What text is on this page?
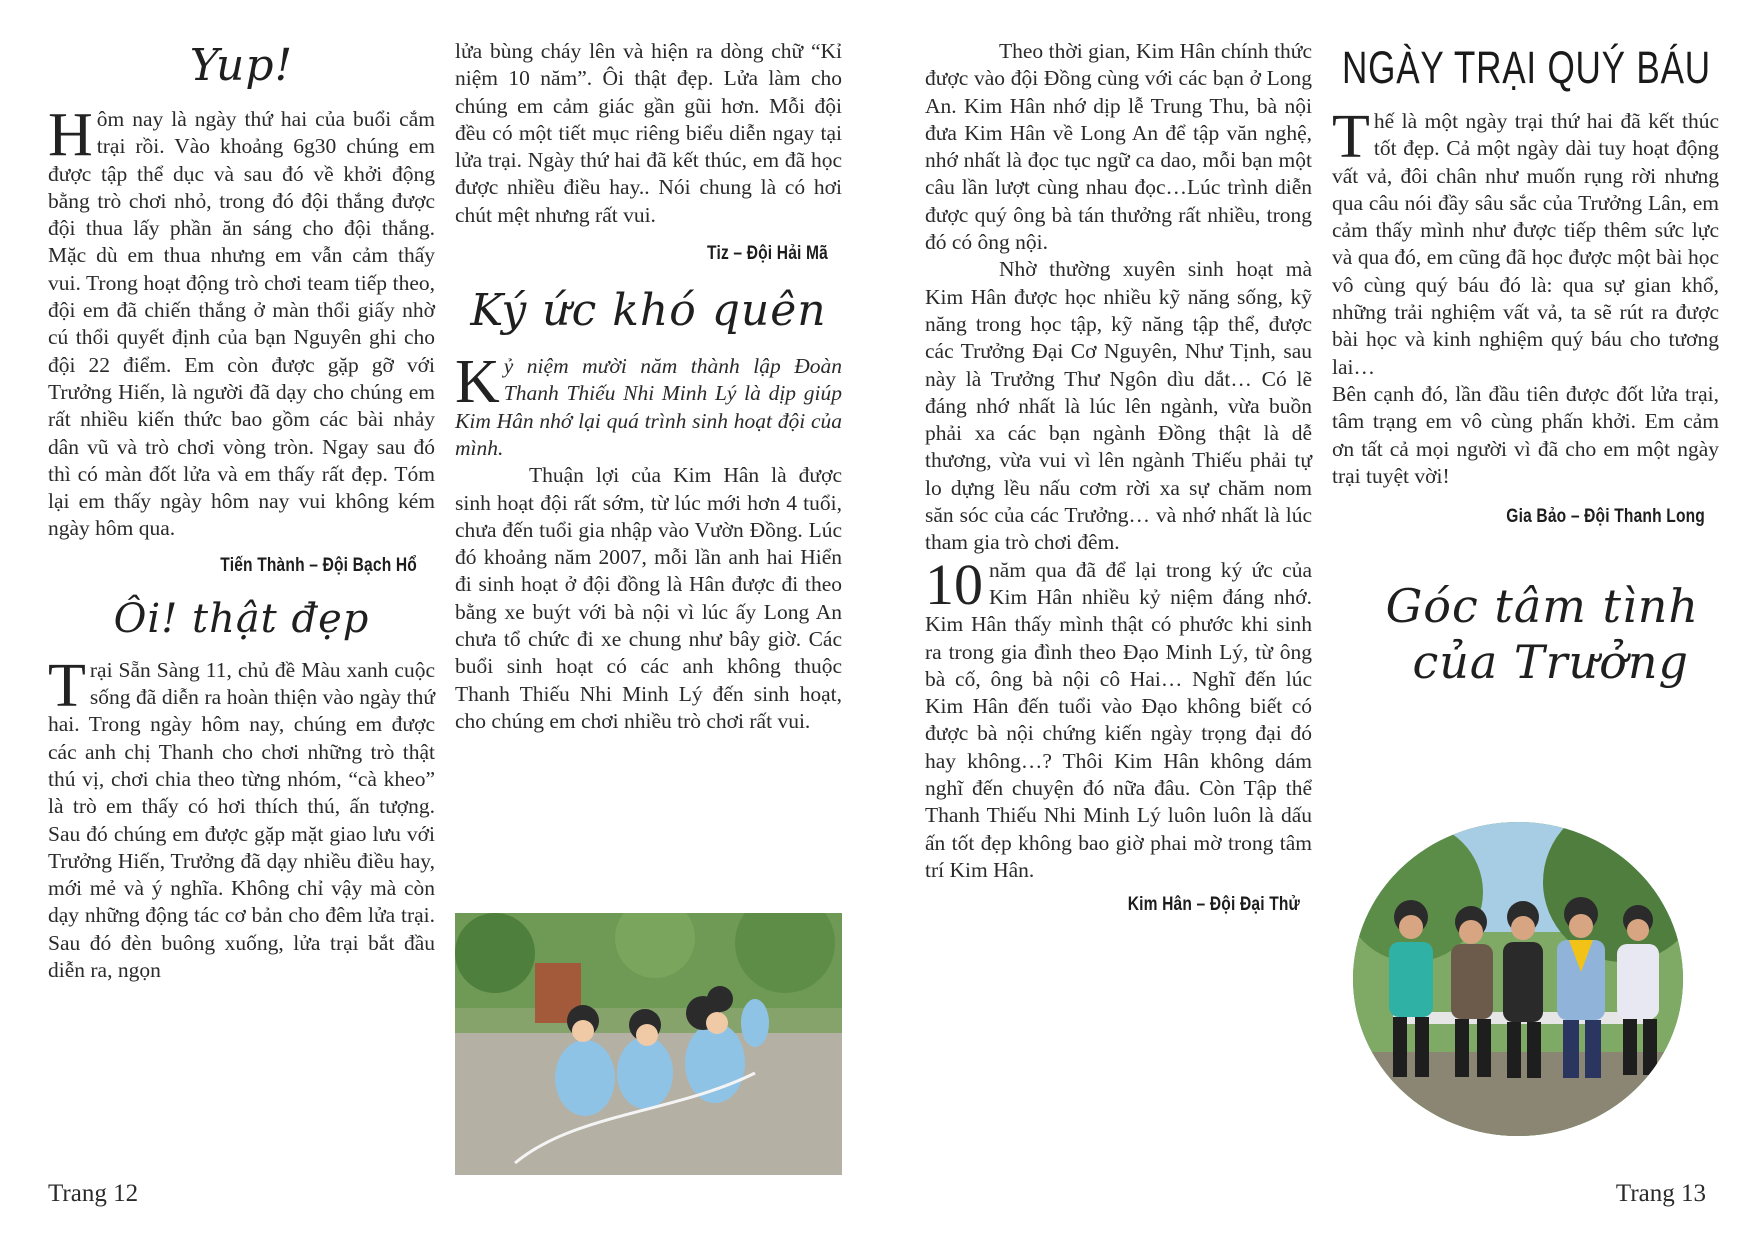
Yup!

Hôm nay là ngày thứ hai của buổi cắm trại rồi. Vào khoảng 6g30 chúng em được tập thể dục và sau đó về khởi động bằng trò chơi nhỏ, trong đó đội thắng được đội thua lấy phần ăn sáng cho đội thắng. Mặc dù em thua nhưng em vẫn cảm thấy vui. Trong hoạt động trò chơi team tiếp theo, đội em đã chiến thắng ở màn thổi giấy nhờ cú thổi quyết định của bạn Nguyên ghi cho đội 22 điểm. Em còn được gặp gỡ với Trưởng Hiến, là người đã dạy cho chúng em rất nhiều kiến thức bao gồm các bài nhảy dân vũ và trò chơi vòng tròn. Ngay sau đó thì có màn đốt lửa và em thấy rất đẹp. Tóm lại em thấy ngày hôm nay vui không kém ngày hôm qua.

Tiến Thành – Đội Bạch Hổ

Ôi! thật đẹp

Trại Sẵn Sàng 11, chủ đề Màu xanh cuộc sống đã diễn ra hoàn thiện vào ngày thứ hai. Trong ngày hôm nay, chúng em được các anh chị Thanh cho chơi những trò thật thú vị, chơi chia theo từng nhóm, “cà kheo” là trò em thấy có hơi thích thú, ấn tượng. Sau đó chúng em được gặp mặt giao lưu với Trưởng Hiến, Trưởng đã dạy nhiều điều hay, mới mẻ và ý nghĩa. Không chỉ vậy mà còn dạy những động tác cơ bản cho đêm lửa trại. Sau đó đèn buông xuống, lửa trại bắt đầu diễn ra, ngọn

lửa bùng cháy lên và hiện ra dòng chữ “Kỉ niệm 10 năm”. Ôi thật đẹp. Lửa làm cho chúng em cảm giác gần gũi hơn. Mỗi đội đều có một tiết mục riêng biểu diễn ngay tại lửa trại. Ngày thứ hai đã kết thúc, em đã học được nhiều điều hay.. Nói chung là có hơi chút mệt nhưng rất vui.

Tiz – Đội Hải Mã

Ký ức khó quên

Kỷ niệm mười năm thành lập Đoàn Thanh Thiếu Nhi Minh Lý là dịp giúp Kim Hân nhớ lại quá trình sinh hoạt đội của mình.

Thuận lợi của Kim Hân là được sinh hoạt đội rất sớm, từ lúc mới hơn 4 tuổi, chưa đến tuổi gia nhập vào Vườn Đồng. Lúc đó khoảng năm 2007, mỗi lần anh hai Hiển đi sinh hoạt ở đội đồng là Hân được đi theo bằng xe buýt với bà nội vì lúc ấy Long An chưa tổ chức đi xe chung như bây giờ. Các buổi sinh hoạt có các anh không thuộc Thanh Thiếu Nhi Minh Lý đến sinh hoạt, cho chúng em chơi nhiều trò chơi rất vui.

Trang 12

Theo thời gian, Kim Hân chính thức được vào đội Đồng cùng với các bạn ở Long An. Kim Hân nhớ dịp lễ Trung Thu, bà nội đưa Kim Hân về Long An để tập văn nghệ, nhớ nhất là đọc tục ngữ ca dao, mỗi bạn một câu lần lượt cùng nhau đọc…Lúc trình diễn được quý ông bà tán thưởng rất nhiều, trong đó có ông nội.

Nhờ thường xuyên sinh hoạt mà Kim Hân được học nhiều kỹ năng sống, kỹ năng trong học tập, kỹ năng tập thể, được các Trưởng Đại Cơ Nguyên, Như Tịnh, sau này là Trưởng Thư Ngôn dìu dắt… Có lẽ đáng nhớ nhất là lúc lên ngành, vừa buồn phải xa các bạn ngành Đồng thật là dễ thương, vừa vui vì lên ngành Thiếu phải tự lo dựng lều nấu cơm rời xa sự chăm nom săn sóc của các Trưởng… và nhớ nhất là lúc tham gia trò chơi đêm.

10 năm qua đã để lại trong ký ức của Kim Hân nhiều kỷ niệm đáng nhớ. Kim Hân thấy mình thật có phước khi sinh ra trong gia đình theo Đạo Minh Lý, từ ông bà cố, ông bà nội cô Hai… Nghĩ đến lúc Kim Hân đến tuổi vào Đạo không biết có được bà nội chứng kiến ngày trọng đại đó hay không…? Thôi Kim Hân không dám nghĩ đến chuyện đó nữa đâu. Còn Tập thể Thanh Thiếu Nhi Minh Lý luôn luôn là dấu ấn tốt đẹp không bao giờ phai mờ trong tâm trí Kim Hân.

Kim Hân – Đội Đại Thử

NGÀY TRẠI QUÝ BÁU

Thế là một ngày trại thứ hai đã kết thúc tốt đẹp. Cả một ngày dài tuy hoạt động vất vả, đôi chân như muốn rụng rời nhưng qua câu nói đầy sâu sắc của Trưởng Lân, em cảm thấy mình như được tiếp thêm sức lực và qua đó, em cũng đã học được một bài học vô cùng quý báu đó là: qua sự gian khổ, những trải nghiệm vất vả, ta sẽ rút ra được bài học và kinh nghiệm quý báu cho tương lai…

Bên cạnh đó, lần đầu tiên được đốt lửa trại, tâm trạng em vô cùng phấn khởi. Em cảm ơn tất cả mọi người vì đã cho em một ngày trại tuyệt vời!

Gia Bảo – Đội Thanh Long

Góc tâm tình
của Trưởng
Trang 13
